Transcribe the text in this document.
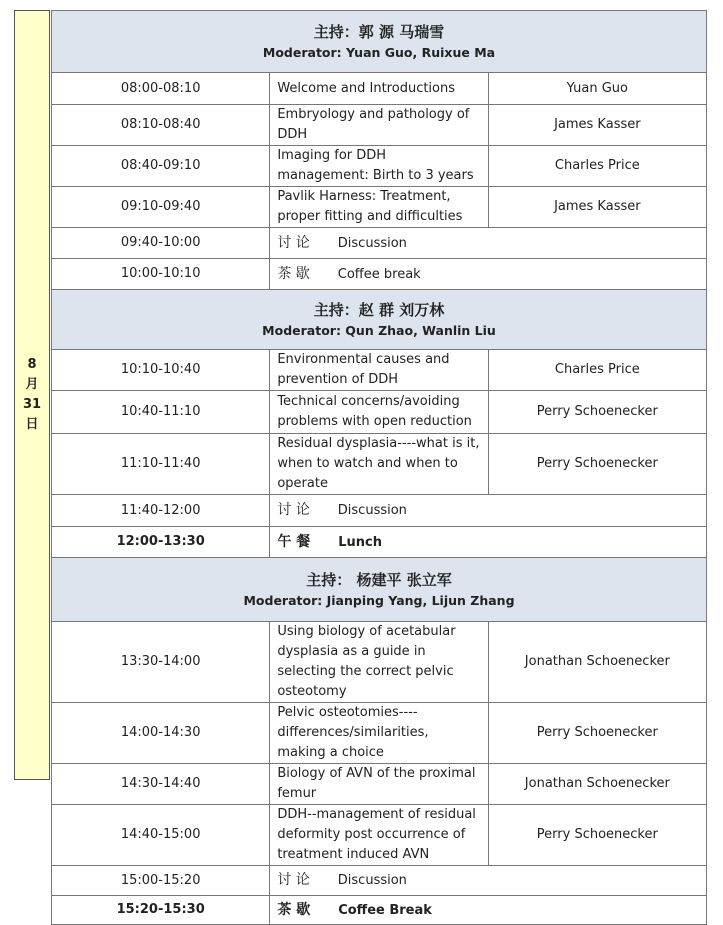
8
月
31
日
主持：郭 源 马瑞雪
Moderator: Yuan Guo, Ruixue Ma		

08:00-08:10	Welcome and Introductions	Yuan Guo
08:10-08:40	Embryology and pathology of DDH	James Kasser
08:40-09:10	Imaging for DDH management: Birth to 3 years	Charles Price
09:10-09:40	Pavlik Harness: Treatment, proper fitting and difficulties	James Kasser
09:40-10:00	讨 论 Discussion	
10:00-10:10	茶 歇 Coffee break	

主持：赵 群 刘万林
Moderator: Qun Zhao, Wanlin Liu		

10:10-10:40	Environmental causes and prevention of DDH	Charles Price
10:40-11:10	Technical concerns/avoiding problems with open reduction	Perry Schoenecker
11:10-11:40	Residual dysplasia----what is it, when to watch and when to operate	Perry Schoenecker
11:40-12:00	讨 论 Discussion	
12:00-13:30	午 餐 Lunch	

主持： 杨建平 张立军
Moderator: Jianping Yang, Lijun Zhang		

13:30-14:00	Using biology of acetabular dysplasia as a guide in selecting the correct pelvic osteotomy	Jonathan Schoenecker
14:00-14:30	Pelvic osteotomies----differences/similarities, making a choice	Perry Schoenecker
14:30-14:40	Biology of AVN of the proximal femur	Jonathan Schoenecker
14:40-15:00	DDH--management of residual deformity post occurrence of treatment induced AVN	Perry Schoenecker
15:00-15:20	讨 论 Discussion	
15:20-15:30	茶 歇 Coffee Break	
